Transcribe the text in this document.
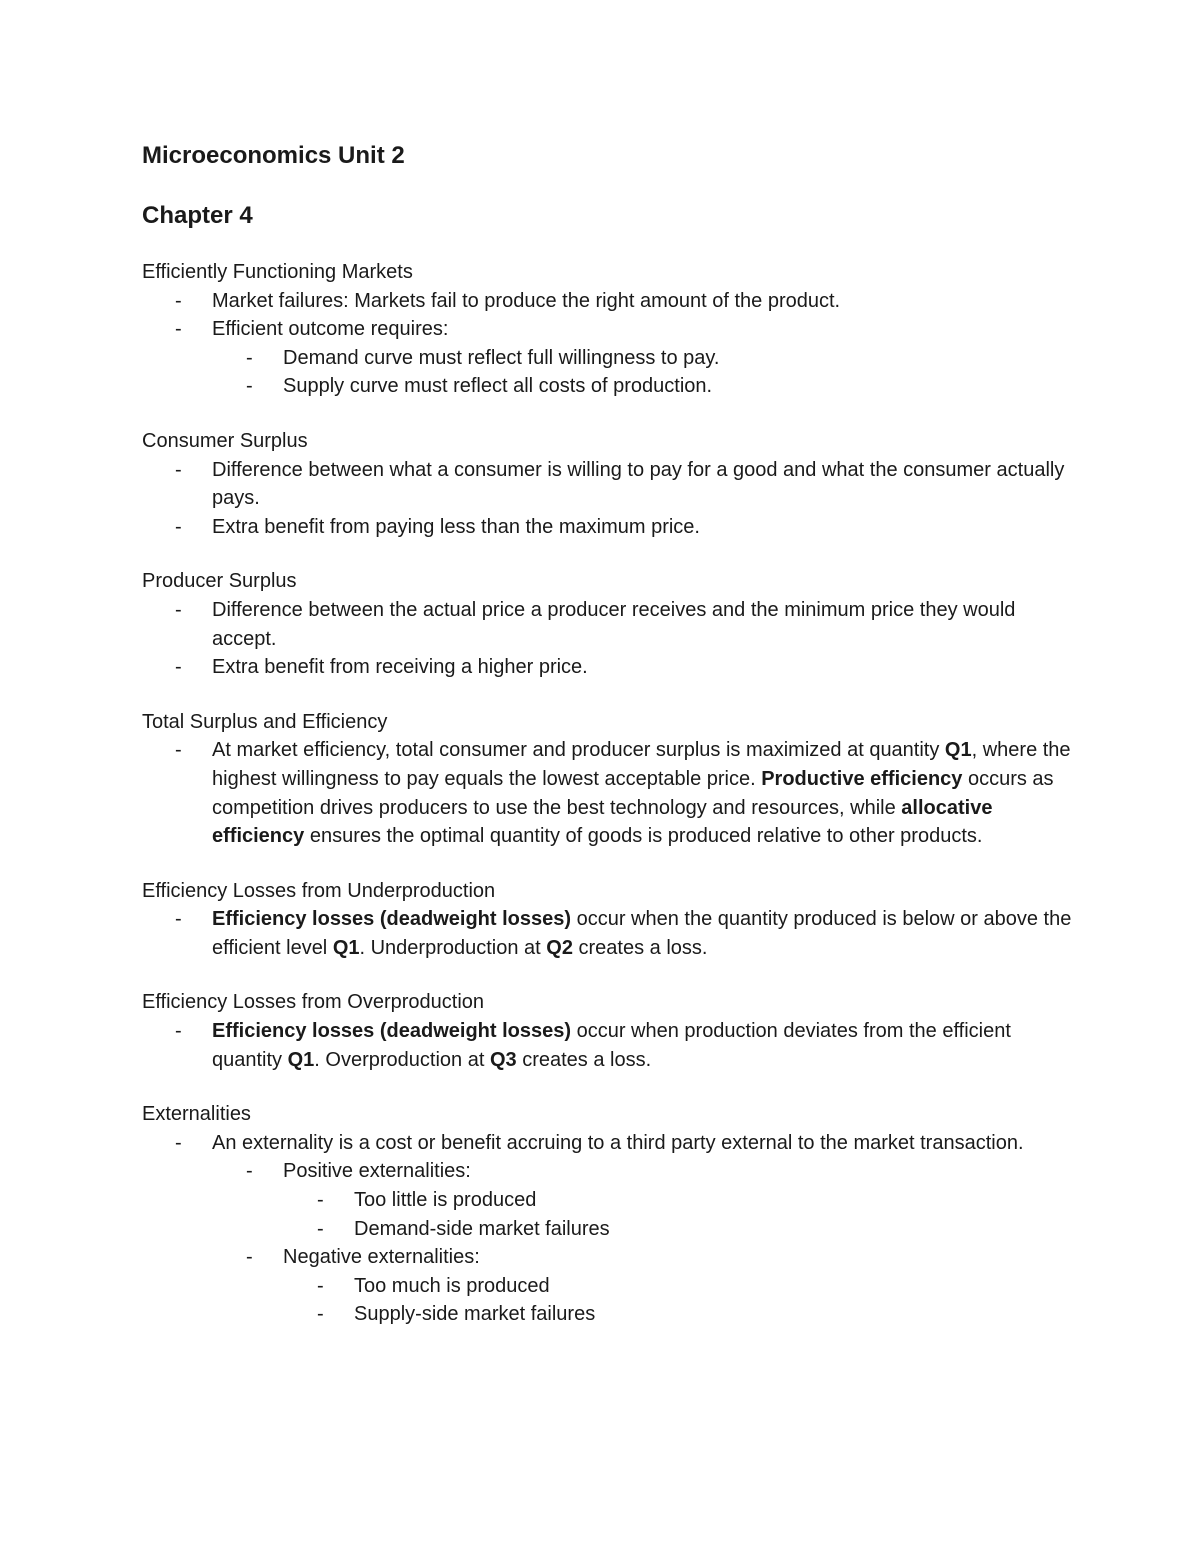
Microeconomics Unit 2
Chapter 4
Efficiently Functioning Markets
- Market failures: Markets fail to produce the right amount of the product.
- Efficient outcome requires:
- Demand curve must reflect full willingness to pay.
- Supply curve must reflect all costs of production.
Consumer Surplus
- Difference between what a consumer is willing to pay for a good and what the consumer actually pays.
- Extra benefit from paying less than the maximum price.
Producer Surplus
- Difference between the actual price a producer receives and the minimum price they would accept.
- Extra benefit from receiving a higher price.
Total Surplus and Efficiency
- At market efficiency, total consumer and producer surplus is maximized at quantity Q1, where the highest willingness to pay equals the lowest acceptable price. Productive efficiency occurs as competition drives producers to use the best technology and resources, while allocative efficiency ensures the optimal quantity of goods is produced relative to other products.
Efficiency Losses from Underproduction
- Efficiency losses (deadweight losses) occur when the quantity produced is below or above the efficient level Q1. Underproduction at Q2 creates a loss.
Efficiency Losses from Overproduction
- Efficiency losses (deadweight losses) occur when production deviates from the efficient quantity Q1. Overproduction at Q3 creates a loss.
Externalities
- An externality is a cost or benefit accruing to a third party external to the market transaction.
- Positive externalities:
- Too little is produced
- Demand-side market failures
- Negative externalities:
- Too much is produced
- Supply-side market failures
